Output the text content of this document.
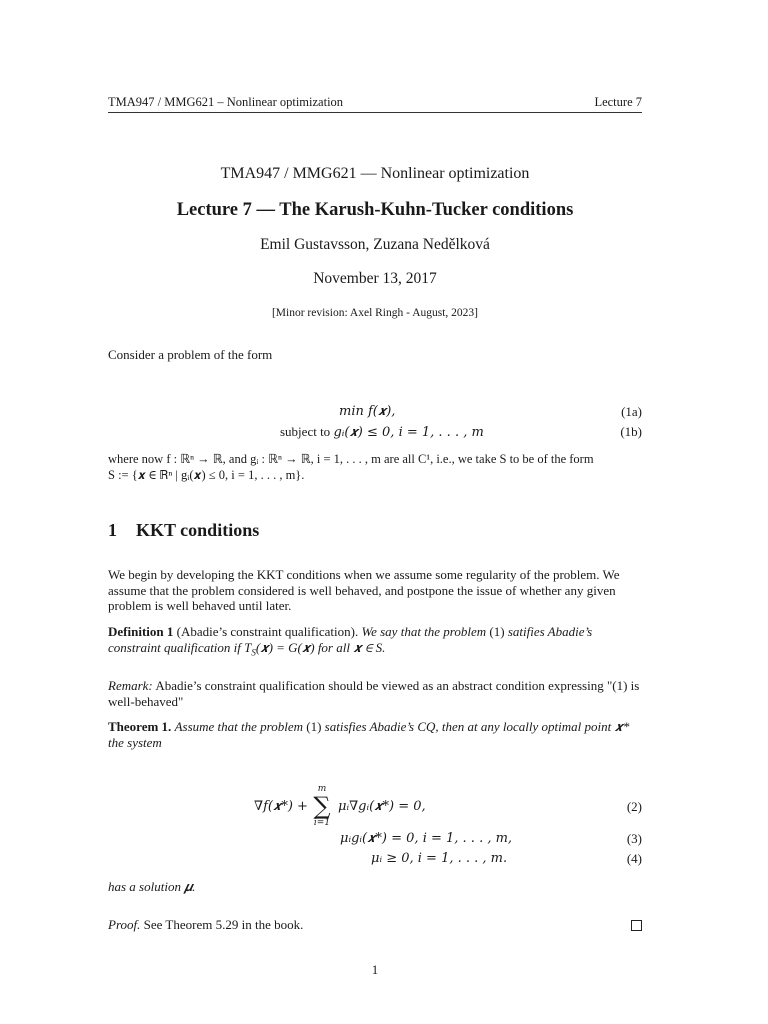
TMA947 / MMG621 – Nonlinear optimization	Lecture 7
TMA947 / MMG621 — Nonlinear optimization
Lecture 7 — The Karush-Kuhn-Tucker conditions
Emil Gustavsson, Zuzana Nedělková
November 13, 2017
[Minor revision: Axel Ringh - August, 2023]
Consider a problem of the form
min f(𝒙),	(1a)
subject to gᵢ(𝒙) ≤ 0, i = 1, . . . , m	(1b)
where now f : ℝⁿ → ℝ, and gᵢ : ℝⁿ → ℝ, i = 1, . . . , m are all C¹, i.e., we take S to be of the form
S := {𝒙 ∈ ℝⁿ | gᵢ(𝒙) ≤ 0, i = 1, . . . , m}.
1 KKT conditions
We begin by developing the KKT conditions when we assume some regularity of the problem. We assume that the problem considered is well behaved, and postpone the issue of whether any given problem is well behaved until later.
Definition 1 (Abadie’s constraint qualification). We say that the problem (1) satifies Abadie’s constraint qualification if $T_S(𝒙)$ = G(𝒙) for all 𝒙 ∈ S.
Remark: Abadie’s constraint qualification should be viewed as an abstract condition expressing "(1) is well-behaved"
Theorem 1. Assume that the problem (1) satisfies Abadie’s CQ, then at any locally optimal point 𝒙* the system
∇f(𝒙*) +
m
∑
i=1
μᵢ∇gᵢ(𝒙*) = 0,	(2)
μᵢgᵢ(𝒙*) = 0, i = 1, . . . , m,	(3)
μᵢ ≥ 0, i = 1, . . . , m.	(4)
has a solution 𝝁.
Proof. See Theorem 5.29 in the book.
1
